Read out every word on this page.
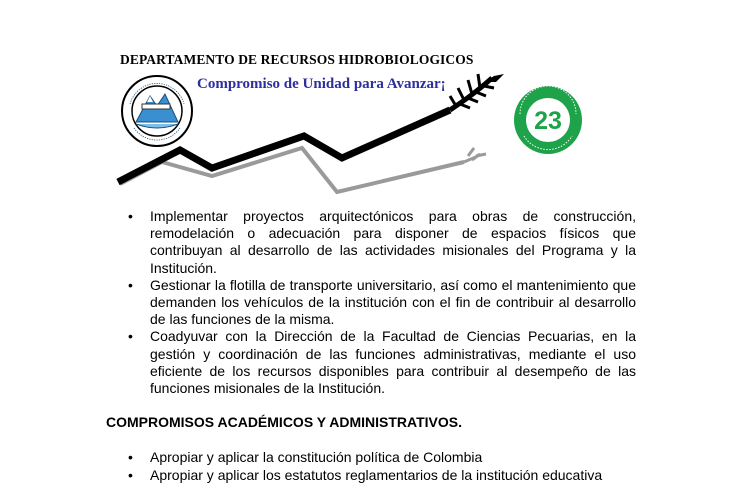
DEPARTAMENTO DE RECURSOS HIDROBIOLOGICOS
Compromiso de Unidad para Avanzar¡
23
• Implementar proyectos arquitectónicos para obras de construcción, remodelación o adecuación para disponer de espacios físicos que contribuyan al desarrollo de las actividades misionales del Programa y la Institución.
• Gestionar la flotilla de transporte universitario, así como el mantenimiento que demanden los vehículos de la institución con el fin de contribuir al desarrollo de las funciones de la misma.
• Coadyuvar con la Dirección de la Facultad de Ciencias Pecuarias, en la gestión y coordinación de las funciones administrativas, mediante el uso eficiente de los recursos disponibles para contribuir al desempeño de las funciones misionales de la Institución.
COMPROMISOS ACADÉMICOS Y ADMINISTRATIVOS.
• Apropiar y aplicar la constitución política de Colombia
• Apropiar y aplicar los estatutos reglamentarios de la institución educativa
